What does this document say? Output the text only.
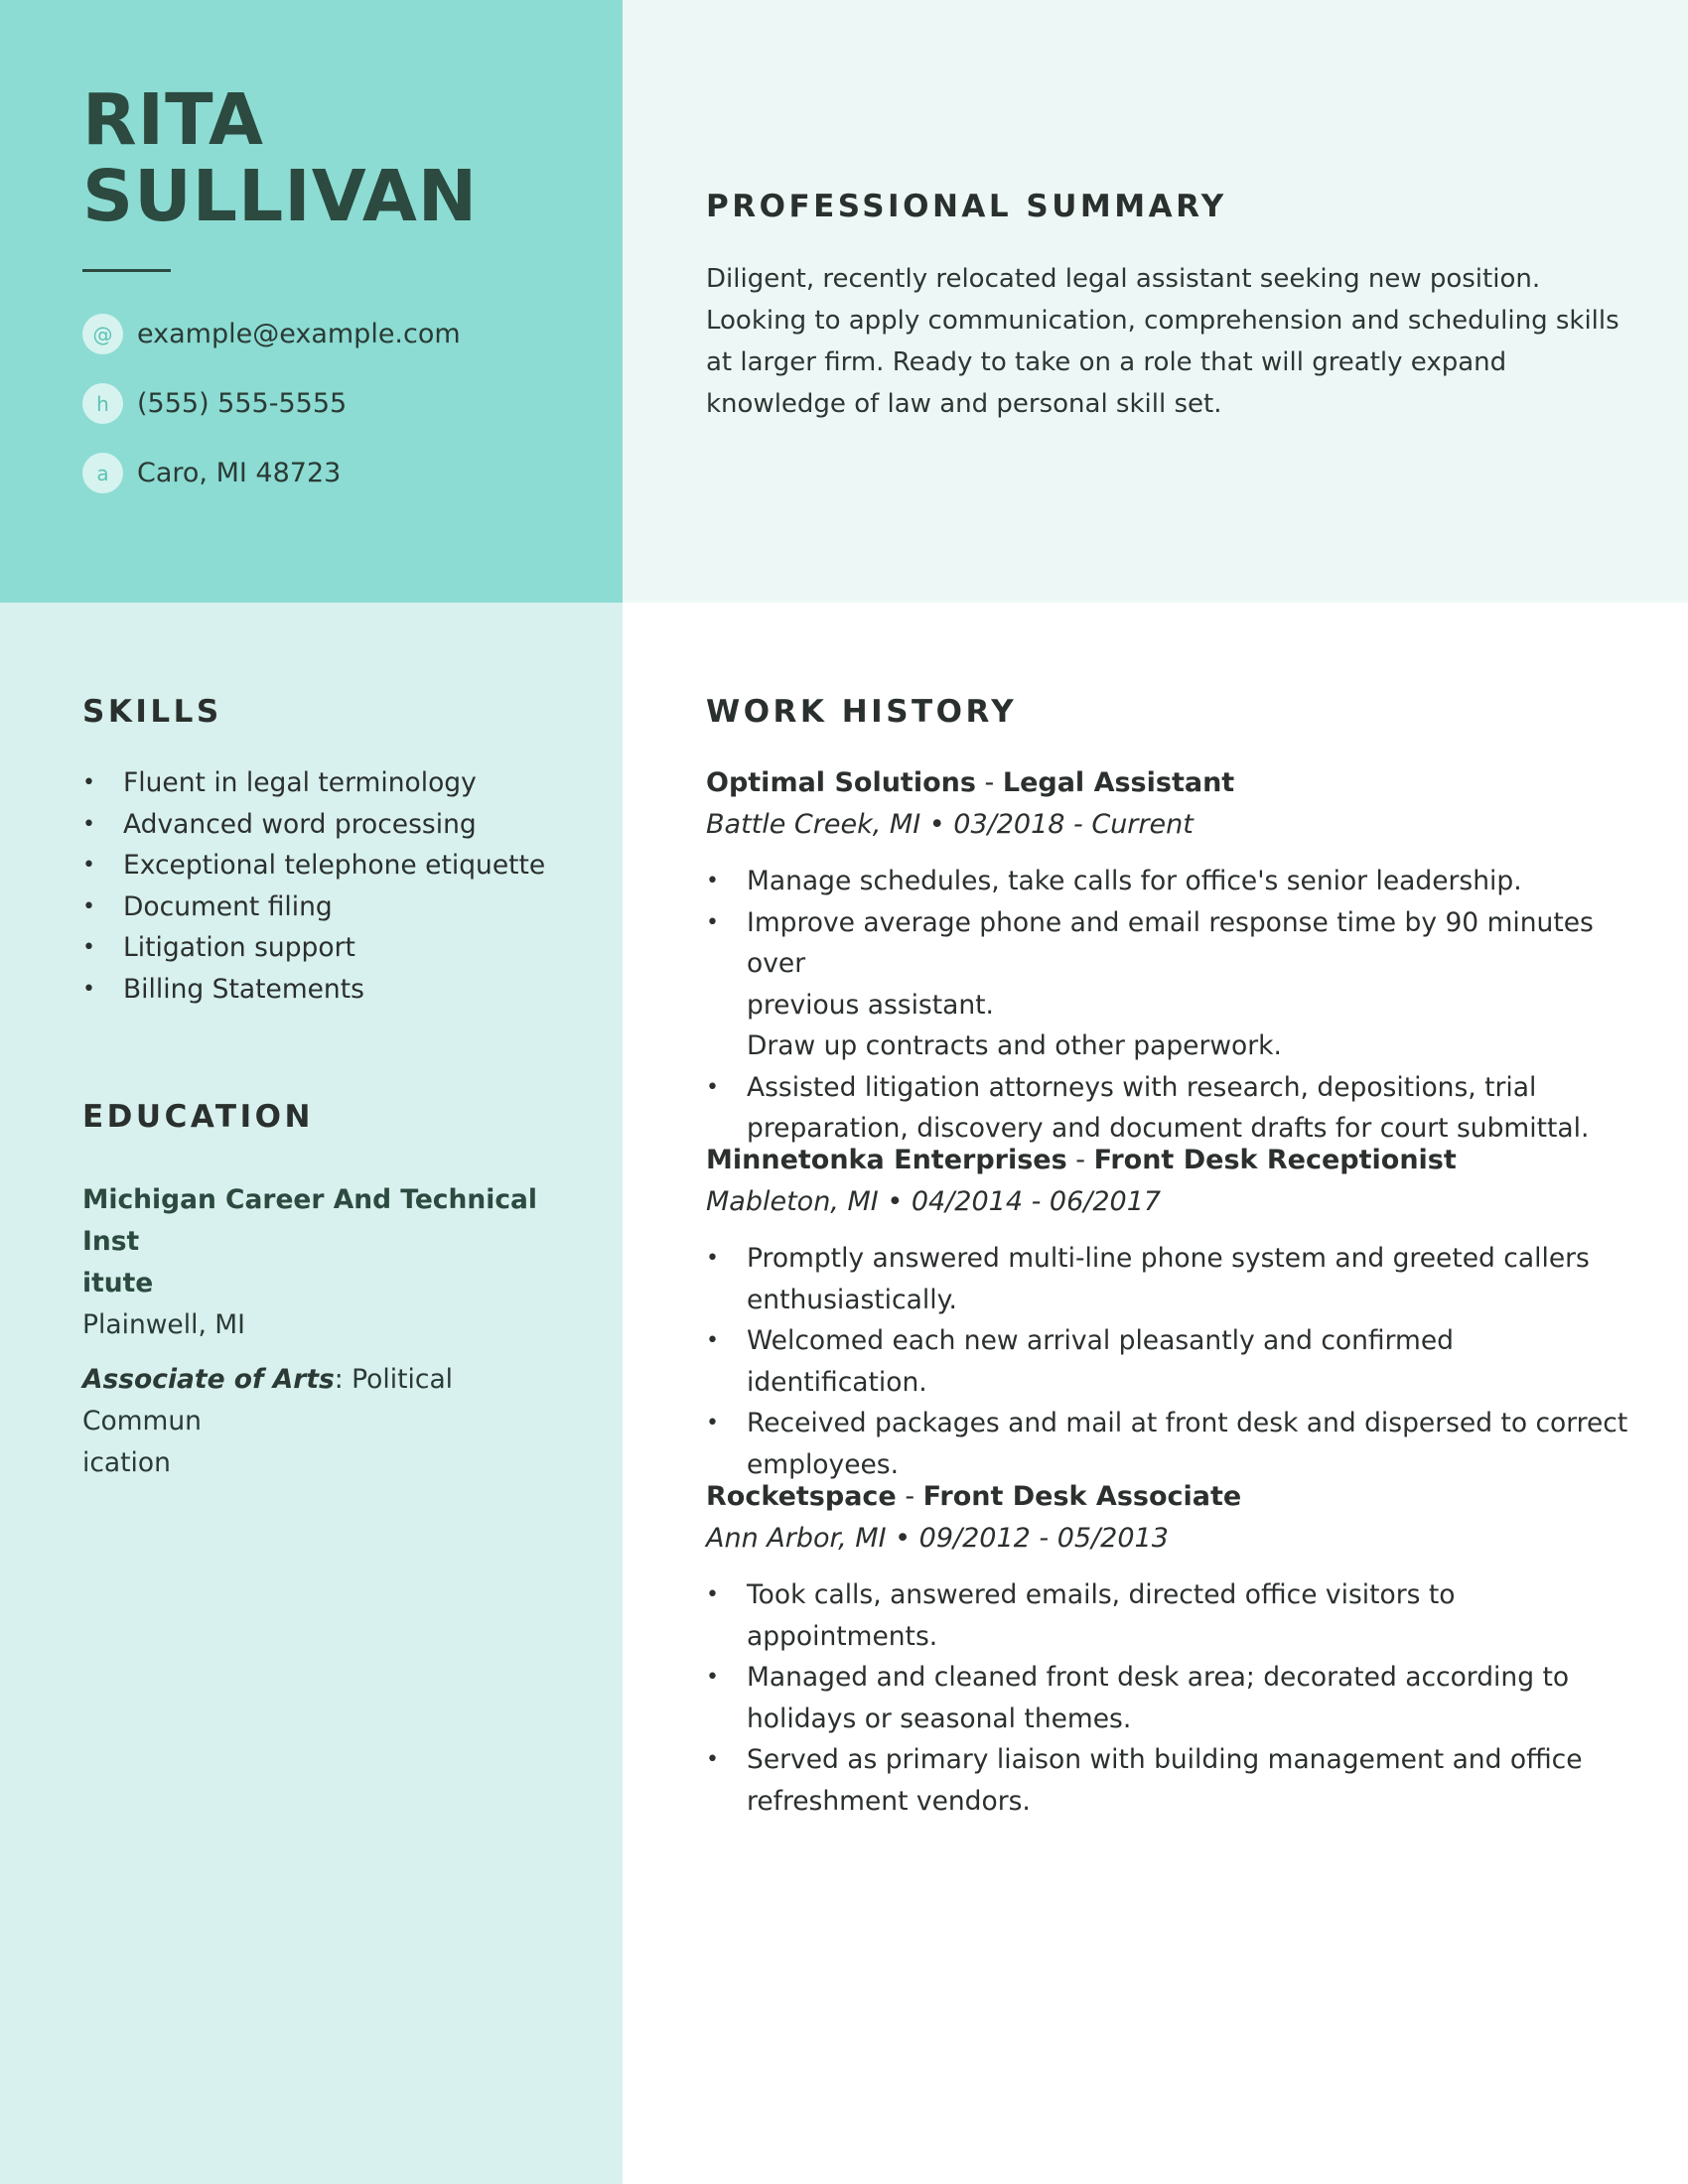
RITA
SULLIVAN
@ example@example.com
h	(555) 555-5555
a	Caro, MI 48723
PROFESSIONAL SUMMARY

Diligent, recently relocated legal assistant seeking new position. Looking to apply communication, comprehension and scheduling skills at larger firm. Ready to take on a role that will greatly expand knowledge of law and personal skill set.

SKILLS
• Fluent in legal terminology
• Advanced word processing
• Exceptional telephone etiquette
• Document filing
• Litigation support
• Billing Statements
EDUCATION

Michigan Career And Technical Inst
itute

Plainwell, MI

Associate of Arts: Political Commun
ication

WORK HISTORY

Optimal Solutions - Legal Assistant

Battle Creek, MI • 03/2018 - Current

• Manage schedules, take calls for office's senior leadership.
• Improve average phone and email response time by 90 minutes over
previous assistant.
Draw up contracts and other paperwork.
• Assisted litigation attorneys with research, depositions, trial
preparation, discovery and document drafts for court submittal.

Minnetonka Enterprises - Front Desk Receptionist

Mableton, MI • 04/2014 - 06/2017

• Promptly answered multi-line phone system and greeted callers
enthusiastically.
• Welcomed each new arrival pleasantly and confirmed identification.
• Received packages and mail at front desk and dispersed to correct
employees.

Rocketspace - Front Desk Associate

Ann Arbor, MI • 09/2012 - 05/2013

• Took calls, answered emails, directed office visitors to
appointments.
• Managed and cleaned front desk area; decorated according to
holidays or seasonal themes.
• Served as primary liaison with building management and office
refreshment vendors.
